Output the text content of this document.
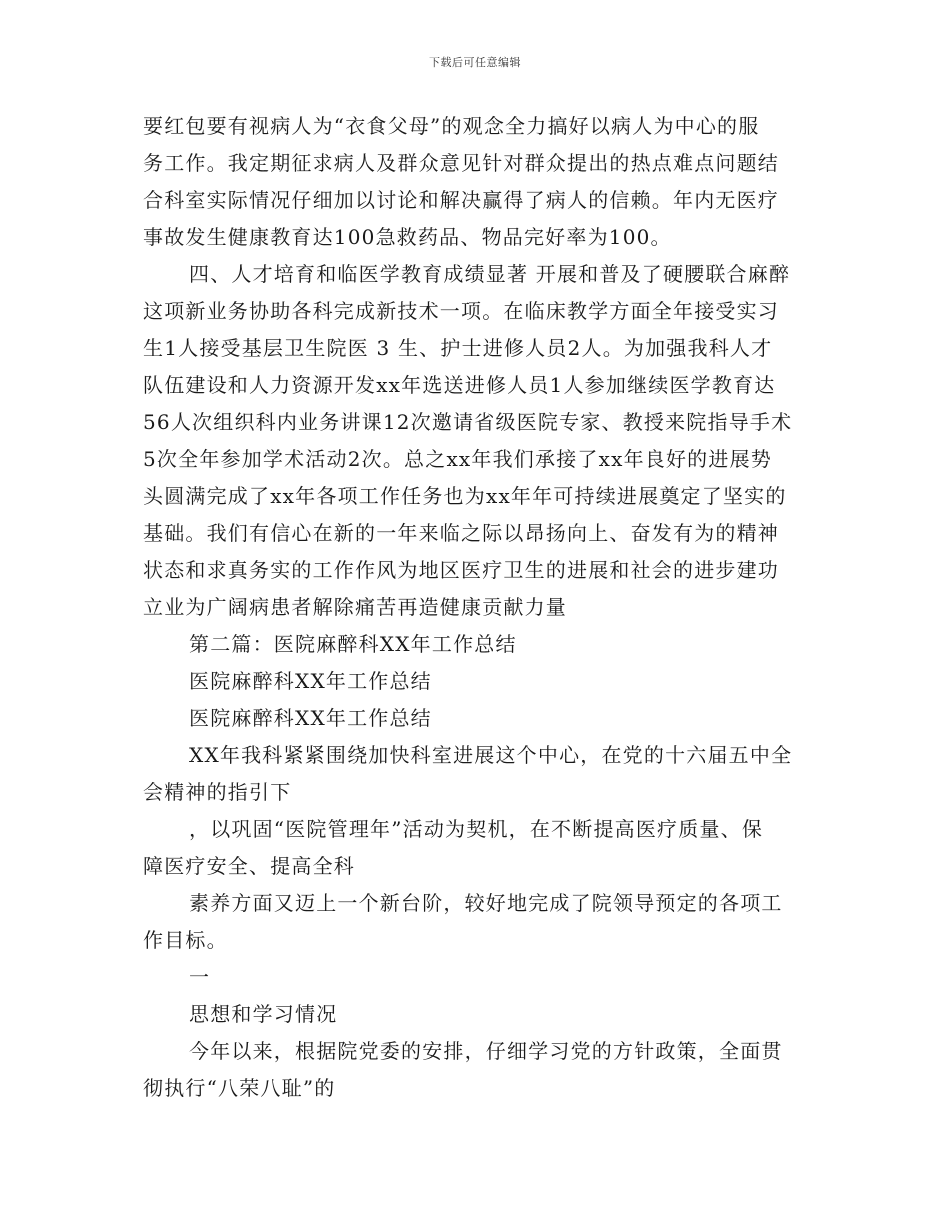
下载后可任意编辑
要红包要有视病人为“衣食父母”的观念全力搞好以病人为中心的服
务工作。我定期征求病人及群众意见针对群众提出的热点难点问题结
合科室实际情况仔细加以讨论和解决赢得了病人的信赖。年内无医疗
事故发生健康教育达100急救药品、物品完好率为100。
四、人才培育和临医学教育成绩显著 开展和普及了硬腰联合麻醉
这项新业务协助各科完成新技术一项。在临床教学方面全年接受实习
生1人接受基层卫生院医 3 生、护士进修人员2人。为加强我科人才
队伍建设和人力资源开发xx年选送进修人员1人参加继续医学教育达
56人次组织科内业务讲课12次邀请省级医院专家、教授来院指导手术
5次全年参加学术活动2次。总之xx年我们承接了xx年良好的进展势
头圆满完成了xx年各项工作任务也为xx年年可持续进展奠定了坚实的
基础。我们有信心在新的一年来临之际以昂扬向上、奋发有为的精神
状态和求真务实的工作作风为地区医疗卫生的进展和社会的进步建功
立业为广阔病患者解除痛苦再造健康贡献力量
第二篇：医院麻醉科XX年工作总结
医院麻醉科XX年工作总结
医院麻醉科XX年工作总结
XX年我科紧紧围绕加快科室进展这个中心，在党的十六届五中全
会精神的指引下
，以巩固“医院管理年”活动为契机，在不断提高医疗质量、保
障医疗安全、提高全科
素养方面又迈上一个新台阶，较好地完成了院领导预定的各项工
作目标。
一
思想和学习情况
今年以来，根据院党委的安排，仔细学习党的方针政策，全面贯
彻执行“八荣八耻”的
